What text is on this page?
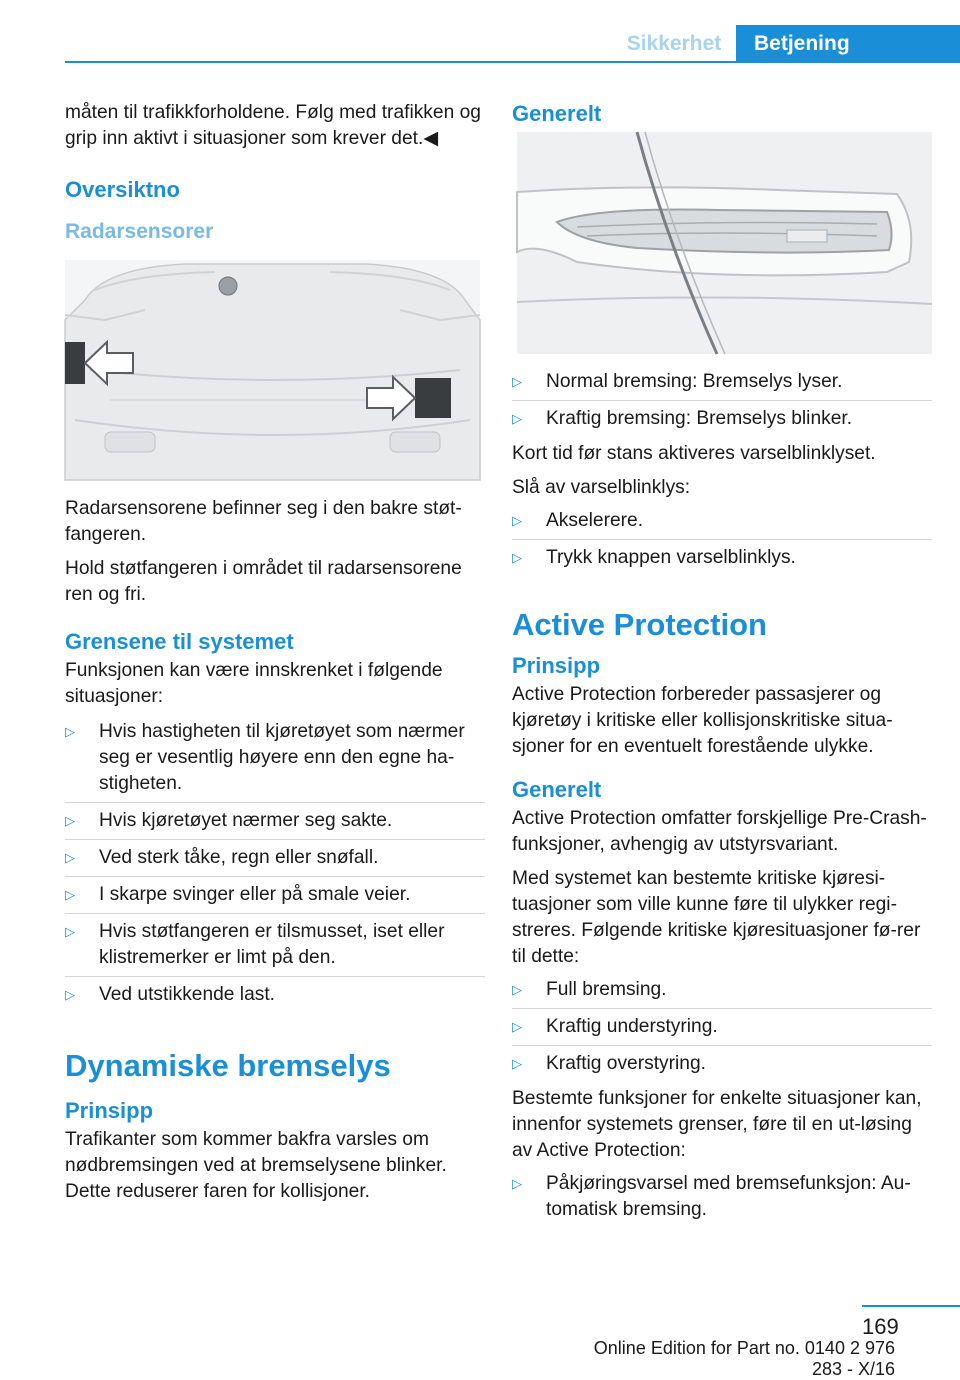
Sikkerhet	Betjening

måten til trafikkforholdene. Følg med trafikken og grip inn aktivt i situasjoner som krever det.◀

Oversiktno
Radarsensorer

Radarsensorene befinner seg i den bakre støt-fangeren.

Hold støtfangeren i området til radarsensorene ren og fri.

Grensene til systemet

Funksjonen kan være innskrenket i følgende situasjoner:

▷	Hvis hastigheten til kjøretøyet som nærmer seg er vesentlig høyere enn den egne ha-stigheten.
▷	Hvis kjøretøyet nærmer seg sakte.
▷	Ved sterk tåke, regn eller snøfall.
▷	I skarpe svinger eller på smale veier.
▷	Hvis støtfangeren er tilsmusset, iset eller klistremerker er limt på den.
▷	Ved utstikkende last.
Dynamiske bremselys
Prinsipp

Trafikanter som kommer bakfra varsles om nødbremsingen ved at bremselysene blinker. Dette reduserer faren for kollisjoner.

Generelt
▷	Normal bremsing: Bremselys lyser.
▷	Kraftig bremsing: Bremselys blinker.

Kort tid før stans aktiveres varselblinklyset.

Slå av varselblinklys:

▷	Akselerere.
▷	Trykk knappen varselblinklys.
Active Protection
Prinsipp

Active Protection forbereder passasjerer og kjøretøy i kritiske eller kollisjonskritiske situa-sjoner for en eventuelt forestående ulykke.

Generelt

Active Protection omfatter forskjellige Pre-Crash-funksjoner, avhengig av utstyrsvariant.

Med systemet kan bestemte kritiske kjøresi-tuasjoner som ville kunne føre til ulykker regi-streres. Følgende kritiske kjøresituasjoner fø-rer til dette:

▷	Full bremsing.
▷	Kraftig understyring.
▷	Kraftig overstyring.

Bestemte funksjoner for enkelte situasjoner kan, innenfor systemets grenser, føre til en ut-løsing av Active Protection:

▷	Påkjøringsvarsel med bremsefunksjon: Au-tomatisk bremsing.
169
Online Edition for Part no. 0140 2 976 283 - X/16
